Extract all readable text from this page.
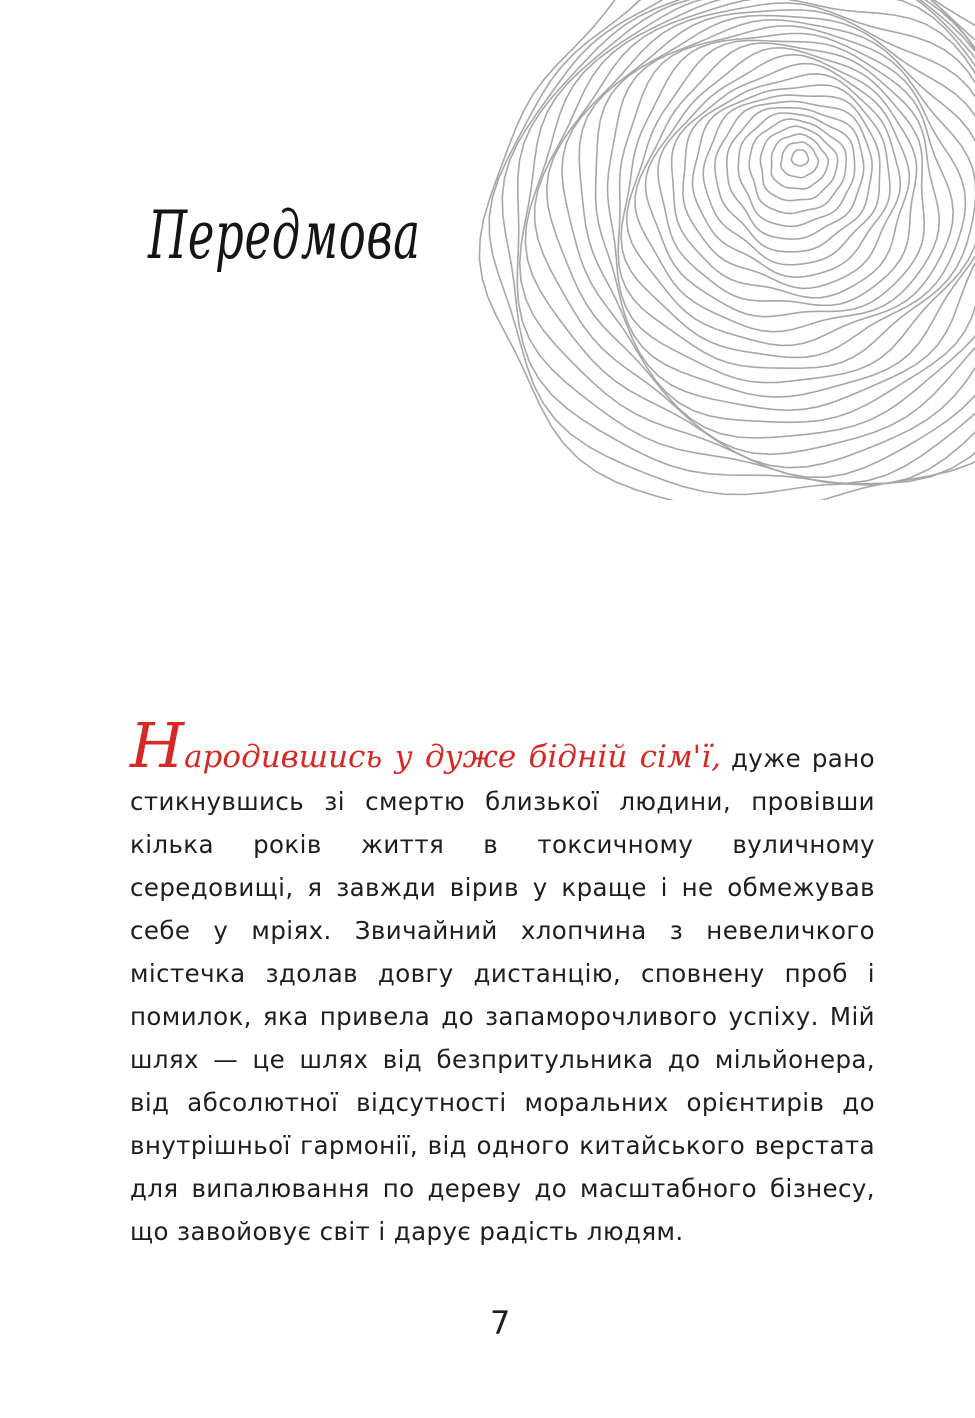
Передмова

Народившись у дуже бідній сім'ї, дуже рано стикнувшись зі смертю близької людини, провівши кілька років життя в токсичному вуличному середовищі, я завжди вірив у краще і не обмежував себе у мріях. Звичайний хлопчина з невеличкого містечка здолав довгу дистанцію, сповнену проб і помилок, яка привела до запаморочливого успіху. Мій шлях — це шлях від безпритульника до мільйонера, від абсолютної відсутності моральних орієнтирів до внутрішньої гармонії, від одного китайського верстата для випалювання по дереву до масштабного бізнесу, що завойовує світ і дарує радість людям.

7
